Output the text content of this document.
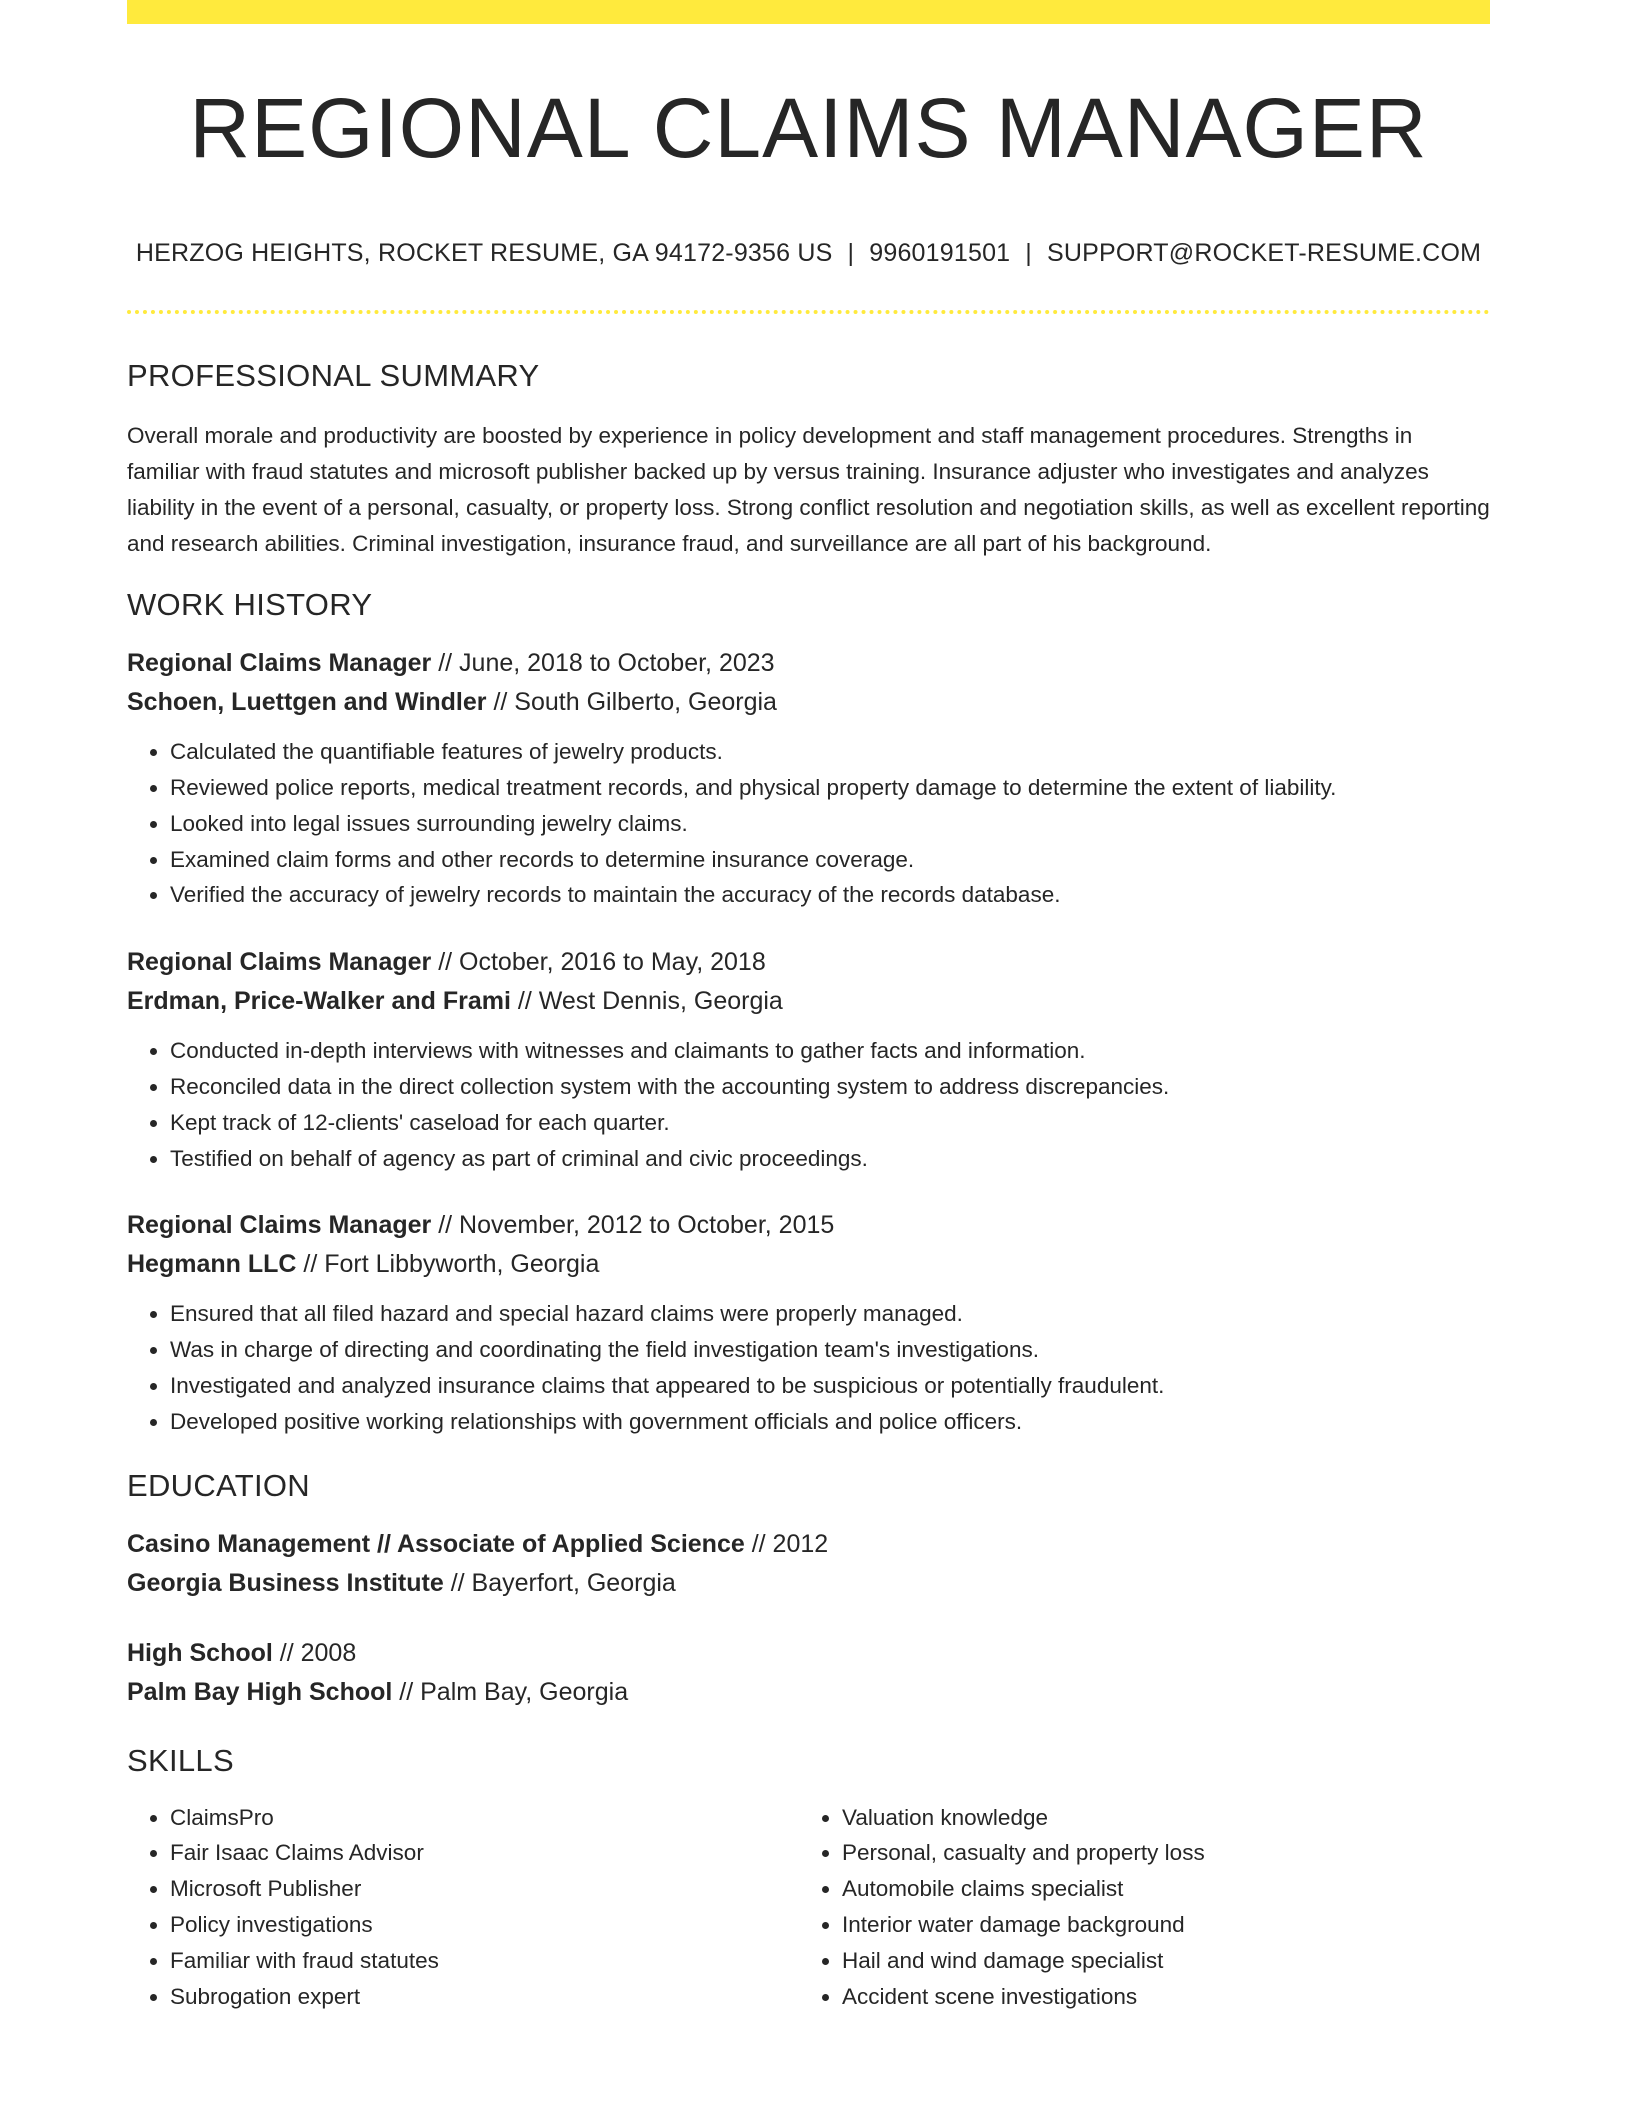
REGIONAL CLAIMS MANAGER
HERZOG HEIGHTS, ROCKET RESUME, GA 94172-9356 US | 9960191501 | SUPPORT@ROCKET-RESUME.COM
PROFESSIONAL SUMMARY

Overall morale and productivity are boosted by experience in policy development and staff management procedures. Strengths in familiar with fraud statutes and microsoft publisher backed up by versus training. Insurance adjuster who investigates and analyzes liability in the event of a personal, casualty, or property loss. Strong conflict resolution and negotiation skills, as well as excellent reporting and research abilities. Criminal investigation, insurance fraud, and surveillance are all part of his background.

WORK HISTORY
Regional Claims Manager // June, 2018 to October, 2023
Schoen, Luettgen and Windler // South Gilberto, Georgia
• Calculated the quantifiable features of jewelry products.
• Reviewed police reports, medical treatment records, and physical property damage to determine the extent of liability.
• Looked into legal issues surrounding jewelry claims.
• Examined claim forms and other records to determine insurance coverage.
• Verified the accuracy of jewelry records to maintain the accuracy of the records database.
Regional Claims Manager // October, 2016 to May, 2018
Erdman, Price-Walker and Frami // West Dennis, Georgia
• Conducted in-depth interviews with witnesses and claimants to gather facts and information.
• Reconciled data in the direct collection system with the accounting system to address discrepancies.
• Kept track of 12-clients' caseload for each quarter.
• Testified on behalf of agency as part of criminal and civic proceedings.
Regional Claims Manager // November, 2012 to October, 2015
Hegmann LLC // Fort Libbyworth, Georgia
• Ensured that all filed hazard and special hazard claims were properly managed.
• Was in charge of directing and coordinating the field investigation team's investigations.
• Investigated and analyzed insurance claims that appeared to be suspicious or potentially fraudulent.
• Developed positive working relationships with government officials and police officers.
EDUCATION
Casino Management // Associate of Applied Science // 2012
Georgia Business Institute // Bayerfort, Georgia
High School // 2008
Palm Bay High School // Palm Bay, Georgia
SKILLS
• ClaimsPro
• Fair Isaac Claims Advisor
• Microsoft Publisher
• Policy investigations
• Familiar with fraud statutes
• Subrogation expert
• Valuation knowledge
• Personal, casualty and property loss
• Automobile claims specialist
• Interior water damage background
• Hail and wind damage specialist
• Accident scene investigations
